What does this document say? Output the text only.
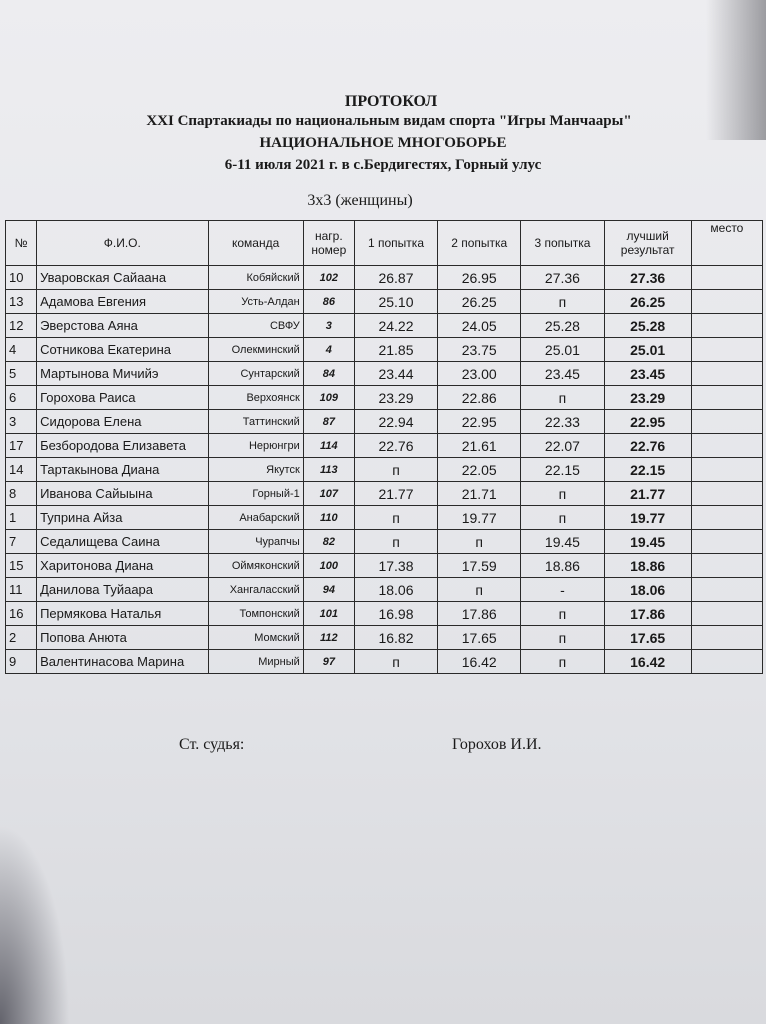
ПРОТОКОЛ
XXI Спартакиады по национальным видам спорта "Игры Манчаары"
НАЦИОНАЛЬНОЕ МНОГОБОРЬЕ
6-11 июля 2021 г. в с.Бердигестях, Горный улус
3х3 (женщины)
№	Ф.И.О.	команда	нагр. номер	1 попытка	2 попытка	3 попытка	лучший результат	место
10	Уваровская Сайаана	Кобяйский	102	26.87	26.95	27.36	27.36	
13	Адамова Евгения	Усть-Алдан	86	25.10	26.25	п	26.25	
12	Эверстова Аяна	СВФУ	3	24.22	24.05	25.28	25.28	
4	Сотникова Екатерина	Олекминский	4	21.85	23.75	25.01	25.01	
5	Мартынова Мичийэ	Сунтарский	84	23.44	23.00	23.45	23.45	
6	Горохова Раиса	Верхоянск	109	23.29	22.86	п	23.29	
3	Сидорова Елена	Таттинский	87	22.94	22.95	22.33	22.95	
17	Безбородова Елизавета	Нерюнгри	114	22.76	21.61	22.07	22.76	
14	Тартакынова Диана	Якутск	113	п	22.05	22.15	22.15	
8	Иванова Сайыына	Горный-1	107	21.77	21.71	п	21.77	
1	Туприна Айза	Анабарский	110	п	19.77	п	19.77	
7	Седалищева Саина	Чурапчы	82	п	п	19.45	19.45	
15	Харитонова Диана	Оймяконский	100	17.38	17.59	18.86	18.86	
11	Данилова Туйаара	Хангаласский	94	18.06	п	-	18.06	
16	Пермякова Наталья	Томпонский	101	16.98	17.86	п	17.86	
2	Попова Анюта	Момский	112	16.82	17.65	п	17.65	
9	Валентинасова Марина	Мирный	97	п	16.42	п	16.42	
Ст. судья:	Горохов И.И.
